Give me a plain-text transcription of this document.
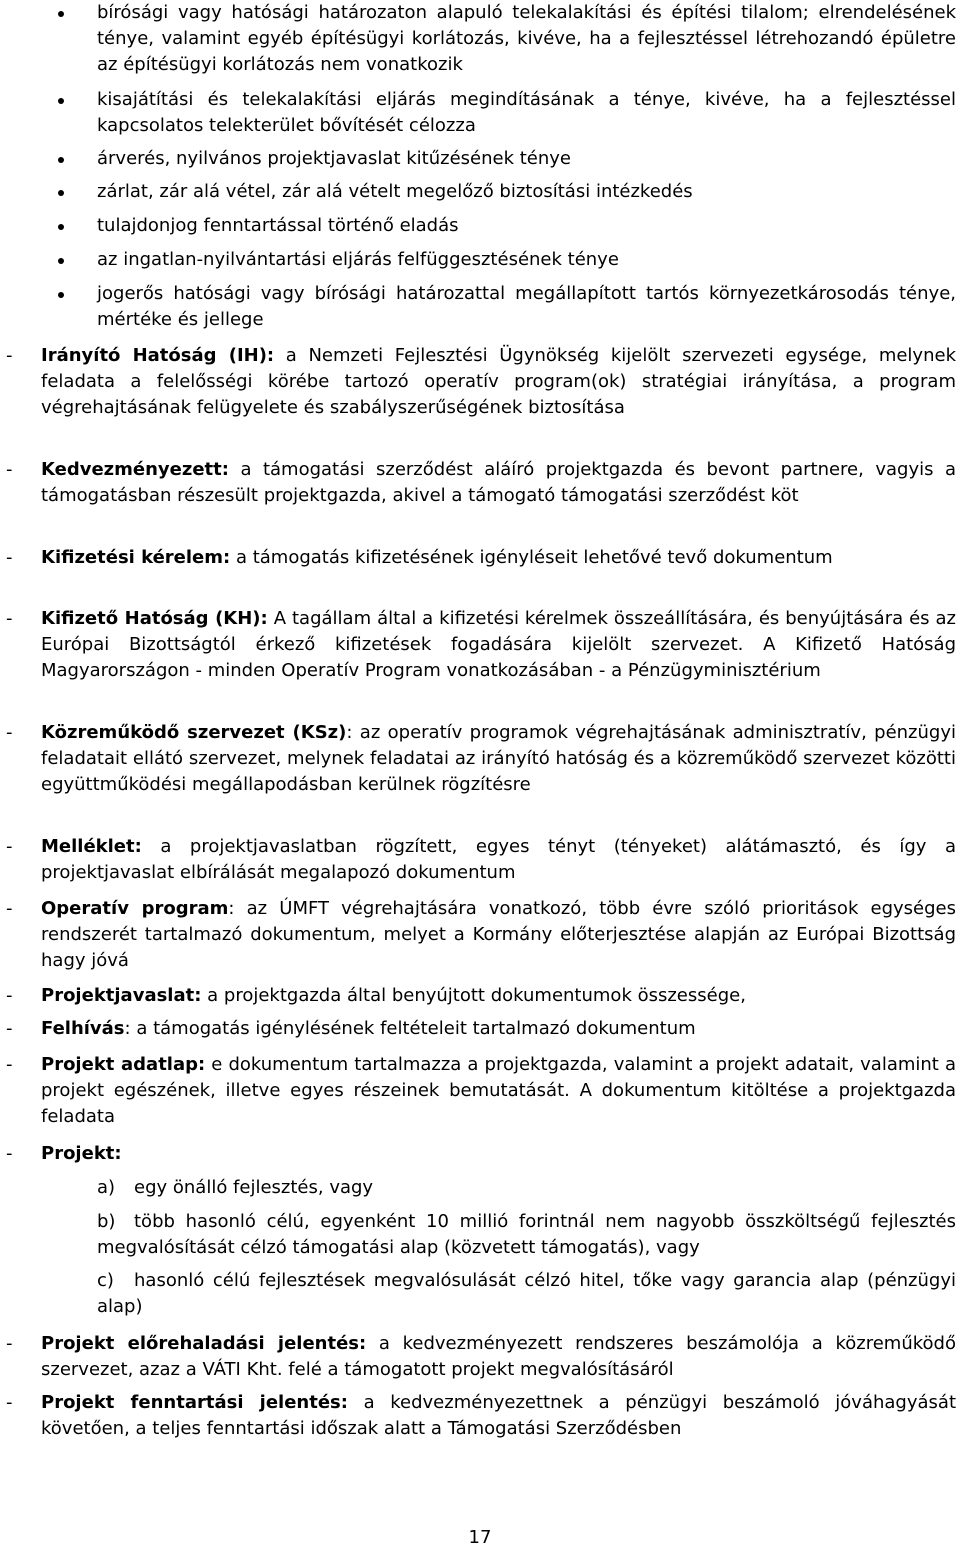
bírósági vagy hatósági határozaton alapuló telekalakítási és építési tilalom; elrendelésének ténye, valamint egyéb építésügyi korlátozás, kivéve, ha a fejlesztéssel létrehozandó épületre az építésügyi korlátozás nem vonatkozik
kisajátítási és telekalakítási eljárás megindításának a ténye, kivéve, ha a fejlesztéssel kapcsolatos telekterület bővítését célozza
árverés, nyilvános projektjavaslat kitűzésének ténye
zárlat, zár alá vétel, zár alá vételt megelőző biztosítási intézkedés
tulajdonjog fenntartással történő eladás
az ingatlan-nyilvántartási eljárás felfüggesztésének ténye
jogerős hatósági vagy bírósági határozattal megállapított tartós környezetkárosodás ténye, mértéke és jellege
- Irányító Hatóság (IH): a Nemzeti Fejlesztési Ügynökség kijelölt szervezeti egysége, melynek feladata a felelősségi körébe tartozó operatív program(ok) stratégiai irányítása, a program végrehajtásának felügyelete és szabályszerűségének biztosítása
- Kedvezményezett: a támogatási szerződést aláíró projektgazda és bevont partnere, vagyis a támogatásban részesült projektgazda, akivel a támogató támogatási szerződést köt
- Kifizetési kérelem: a támogatás kifizetésének igényléseit lehetővé tevő dokumentum
- Kifizető Hatóság (KH): A tagállam által a kifizetési kérelmek összeállítására, és benyújtására és az Európai Bizottságtól érkező kifizetések fogadására kijelölt szervezet. A Kifizető Hatóság Magyarországon - minden Operatív Program vonatkozásában - a Pénzügyminisztérium
- Közreműködő szervezet (KSz): az operatív programok végrehajtásának adminisztratív, pénzügyi feladatait ellátó szervezet, melynek feladatai az irányító hatóság és a közreműködő szervezet közötti együttműködési megállapodásban kerülnek rögzítésre
- Melléklet: a projektjavaslatban rögzített, egyes tényt (tényeket) alátámasztó, és így a projektjavaslat elbírálását megalapozó dokumentum
- Operatív program: az ÚMFT végrehajtására vonatkozó, több évre szóló prioritások egységes rendszerét tartalmazó dokumentum, melyet a Kormány előterjesztése alapján az Európai Bizottság hagy jóvá
- Projektjavaslat: a projektgazda által benyújtott dokumentumok összessége,
- Felhívás: a támogatás igénylésének feltételeit tartalmazó dokumentum
- Projekt adatlap: e dokumentum tartalmazza a projektgazda, valamint a projekt adatait, valamint a projekt egészének, illetve egyes részeinek bemutatását. A dokumentum kitöltése a projektgazda feladata
- Projekt:
a) egy önálló fejlesztés, vagy
b) több hasonló célú, egyenként 10 millió forintnál nem nagyobb összköltségű fejlesztés megvalósítását célzó támogatási alap (közvetett támogatás), vagy
c) hasonló célú fejlesztések megvalósulását célzó hitel, tőke vagy garancia alap (pénzügyi alap)
- Projekt előrehaladási jelentés: a kedvezményezett rendszeres beszámolója a közreműködő szervezet, azaz a VÁTI Kht. felé a támogatott projekt megvalósításáról
- Projekt fenntartási jelentés: a kedvezményezettnek a pénzügyi beszámoló jóváhagyását követően, a teljes fenntartási időszak alatt a Támogatási Szerződésben
17
